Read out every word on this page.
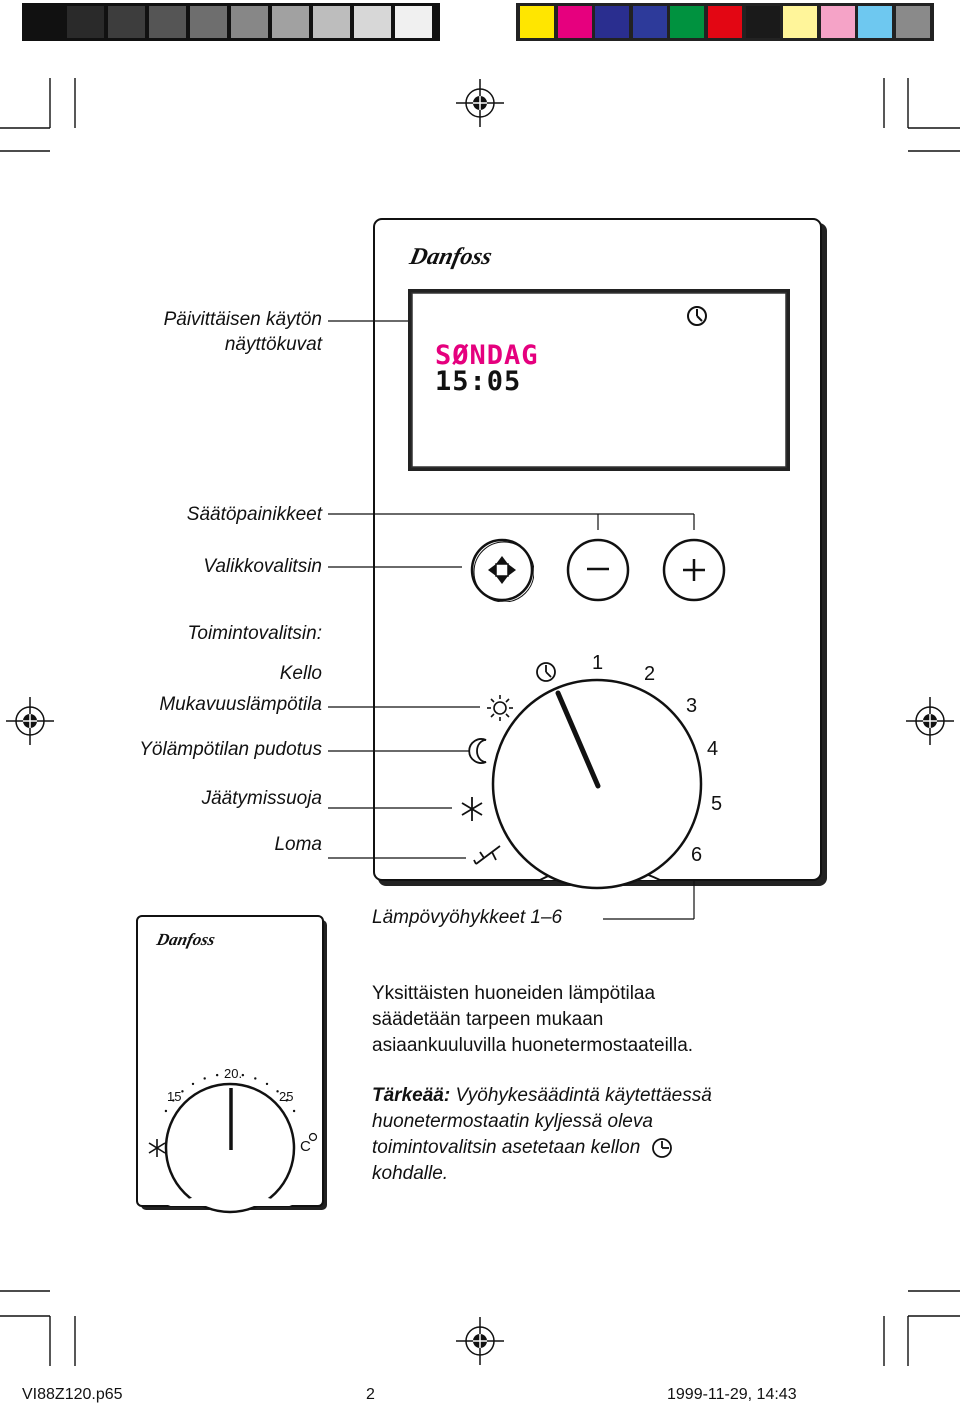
Danfoss
SØNDAG
15:05
Päivittäisen käytön
näyttökuvat
Säätöpainikkeet
Valikkovalitsin
Toimintovalitsin:
Kello
Mukavuuslämpötila
Yölämpötilan pudotus
Jäätymissuoja
Loma
1 2
3
4
5
6
Lämpövyöhykkeet 1–6
Danfoss
15
20.
25
C
Yksittäisten huoneiden lämpötilaa
säädetään tarpeen mukaan
asiaankuuluvilla huonetermostaateilla.
Tärkeää: Vyöhykesäädintä käytettäessä
huonetermostaatin kyljessä oleva
toimintovalitsin asetetaan kellon
kohdalle.
VI88Z120.p65	2	1999-11-29, 14:43
